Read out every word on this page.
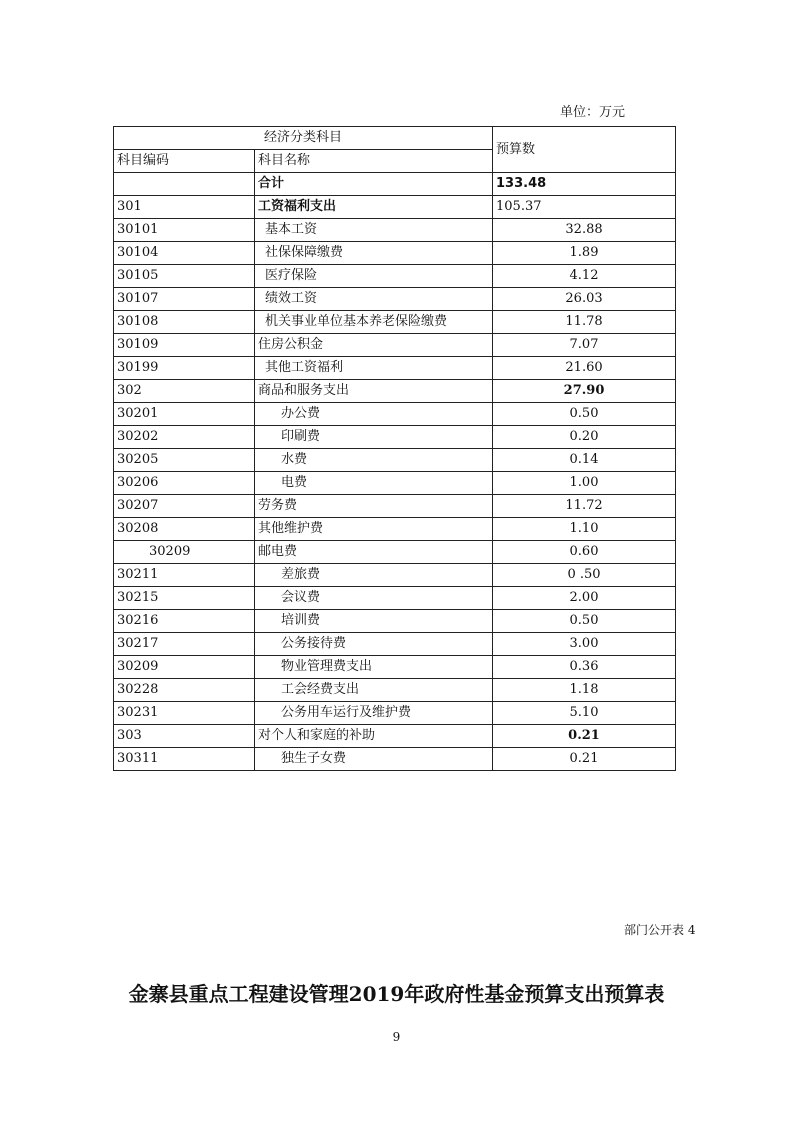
单位：万元
经济分类科目		预算数
科目编码	科目名称	
	合计	133.48
301	工资福利支出	105.37
30101	基本工资	32.88
30104	社保保障缴费	1.89
30105	医疗保险	4.12
30107	绩效工资	26.03
30108	机关事业单位基本养老保险缴费	11.78
30109	住房公积金	7.07
30199	其他工资福利	21.60
302	商品和服务支出	27.90
30201	办公费	0.50
30202	印刷费	0.20
30205	水费	0.14
30206	电费	1.00
30207	劳务费	11.72
30208	其他维护费	1.10
30209	邮电费	0.60
30211	差旅费	0 .50
30215	会议费	2.00
30216	培训费	0.50
30217	公务接待费	3.00
30209	物业管理费支出	0.36
30228	工会经费支出	1.18
30231	公务用车运行及维护费	5.10
303	对个人和家庭的补助	0.21
30311	独生子女费	0.21
部门公开表 4
金寨县重点工程建设管理2019年政府性基金预算支出预算表
9
